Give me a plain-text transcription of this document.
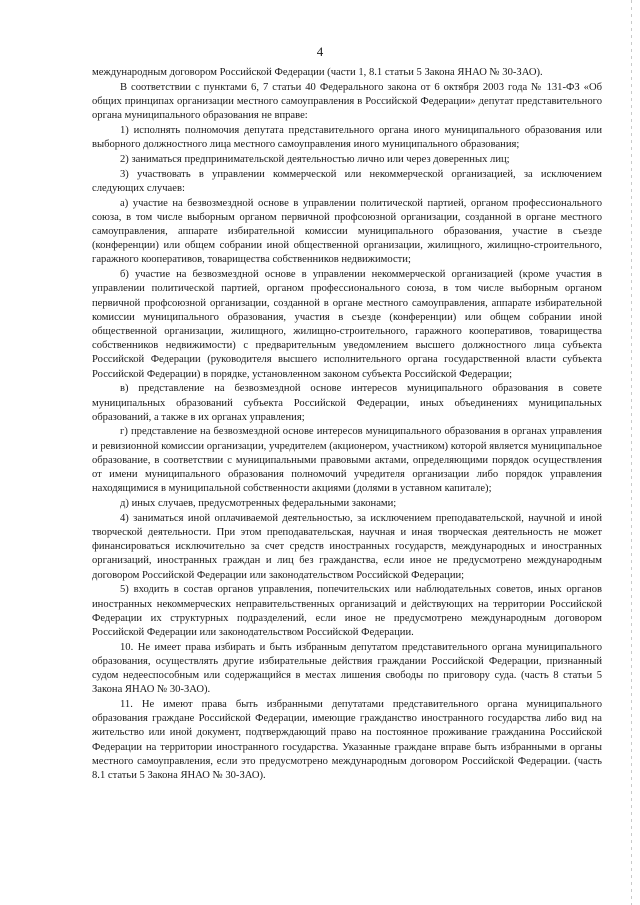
4

международным договором Российской Федерации (части 1, 8.1 статьи 5 Закона ЯНАО № 30-ЗАО).

В соответствии с пунктами 6, 7 статьи 40 Федерального закона от 6 октября 2003 года № 131-ФЗ «Об общих принципах организации местного самоуправления в Российской Федерации» депутат представительного органа муниципального образования не вправе:

1) исполнять полномочия депутата представительного органа иного муниципального образования или выборного должностного лица местного самоуправления иного муниципального образования;

2) заниматься предпринимательской деятельностью лично или через доверенных лиц;

3) участвовать в управлении коммерческой или некоммерческой организацией, за исключением следующих случаев:

а) участие на безвозмездной основе в управлении политической партией, органом профессионального союза, в том числе выборным органом первичной профсоюзной организации, созданной в органе местного самоуправления, аппарате избирательной комиссии муниципального образования, участие в съезде (конференции) или общем собрании иной общественной организации, жилищного, жилищно-строительного, гаражного кооперативов, товарищества собственников недвижимости;

б) участие на безвозмездной основе в управлении некоммерческой организацией (кроме участия в управлении политической партией, органом профессионального союза, в том числе выборным органом первичной профсоюзной организации, созданной в органе местного самоуправления, аппарате избирательной комиссии муниципального образования, участия в съезде (конференции) или общем собрании иной общественной организации, жилищного, жилищно-строительного, гаражного кооперативов, товарищества собственников недвижимости) с предварительным уведомлением высшего должностного лица субъекта Российской Федерации (руководителя высшего исполнительного органа государственной власти субъекта Российской Федерации) в порядке, установленном законом субъекта Российской Федерации;

в) представление на безвозмездной основе интересов муниципального образования в совете муниципальных образований субъекта Российской Федерации, иных объединениях муниципальных образований, а также в их органах управления;

г) представление на безвозмездной основе интересов муниципального образования в органах управления и ревизионной комиссии организации, учредителем (акционером, участником) которой является муниципальное образование, в соответствии с муниципальными правовыми актами, определяющими порядок осуществления от имени муниципального образования полномочий учредителя организации либо порядок управления находящимися в муниципальной собственности акциями (долями в уставном капитале);

д) иных случаев, предусмотренных федеральными законами;

4) заниматься иной оплачиваемой деятельностью, за исключением преподавательской, научной и иной творческой деятельности. При этом преподавательская, научная и иная творческая деятельность не может финансироваться исключительно за счет средств иностранных государств, международных и иностранных организаций, иностранных граждан и лиц без гражданства, если иное не предусмотрено международным договором Российской Федерации или законодательством Российской Федерации;

5) входить в состав органов управления, попечительских или наблюдательных советов, иных органов иностранных некоммерческих неправительственных организаций и действующих на территории Российской Федерации их структурных подразделений, если иное не предусмотрено международным договором Российской Федерации или законодательством Российской Федерации.

10. Не имеет права избирать и быть избранным депутатом представительного органа муниципального образования, осуществлять другие избирательные действия граждании Российской Федерации, признанный судом недееспособным или содержащийся в местах лишения свободы по приговору суда. (часть 8 статьи 5 Закона ЯНАО № 30-ЗАО).

11. Не имеют права быть избранными депутатами представительного органа муниципального образования граждане Российской Федерации, имеющие гражданство иностранного государства либо вид на жительство или иной документ, подтверждающий право на постоянное проживание гражданина Российской Федерации на территории иностранного государства. Указанные граждане вправе быть избранными в органы местного самоуправления, если это предусмотрено международным договором Российской Федерации. (часть 8.1 статьи 5 Закона ЯНАО № 30-ЗАО).
